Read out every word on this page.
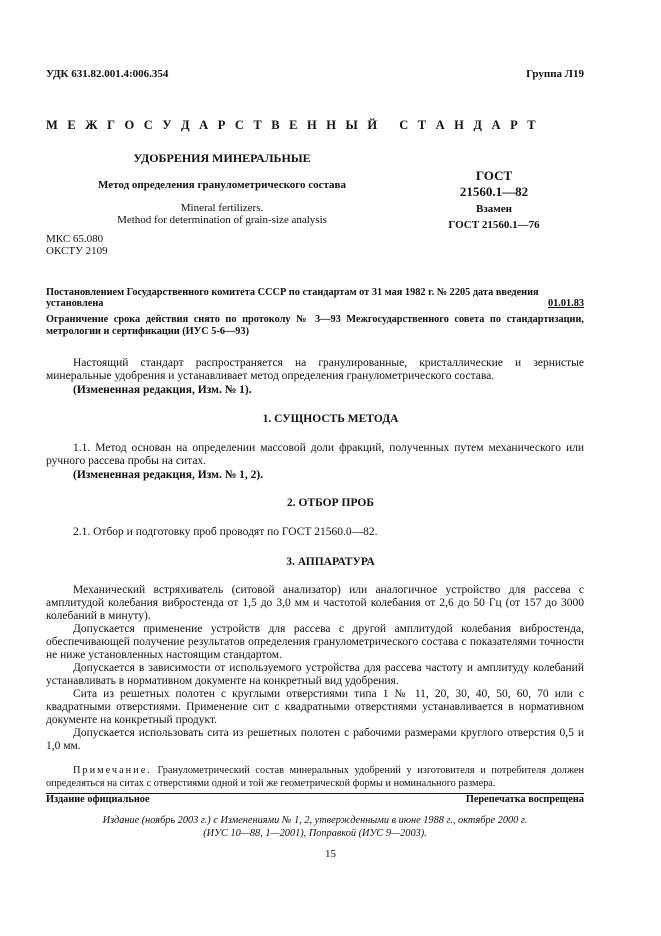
УДК 631.82.001.4:006.354	Группа Л19
М Е Ж Г О С У Д А Р С Т В Е Н Н Ы Й   С Т А Н Д А Р Т
УДОБРЕНИЯ МИНЕРАЛЬНЫЕ
Метод определения гранулометрического состава
Mineral fertilizers.
Method for determination of grain-size analysis
МКС 65.080
ОКСТУ 2109
ГОСТ
21560.1—82
Взамен
ГОСТ 21560.1—76
Постановлением Государственного комитета СССР по стандартам от 31 мая 1982 г. № 2205 дата введения
установлена	01.01.83
Ограничение срока действия снято по протоколу № 3—93 Межгосударственного совета по стандартизации, метрологии и сертификации (ИУС 5-6—93)

Настоящий стандарт распространяется на гранулированные, кристаллические и зернистые минеральные удобрения и устанавливает метод определения гранулометрического состава.

(Измененная редакция, Изм. № 1).

1. СУЩНОСТЬ МЕТОДА

1.1. Метод основан на определении массовой доли фракций, полученных путем механического или ручного рассева пробы на ситах.

(Измененная редакция, Изм. № 1, 2).

2. ОТБОР ПРОБ

2.1. Отбор и подготовку проб проводят по ГОСТ 21560.0—82.

3. АППАРАТУРА

Механический встряхиватель (ситовой анализатор) или аналогичное устройство для рассева с амплитудой колебания вибростенда от 1,5 до 3,0 мм и частотой колебания от 2,6 до 50 Гц (от 157 до 3000 колебаний в минуту).

Допускается применение устройств для рассева с другой амплитудой колебания вибростенда, обеспечивающей получение результатов определения гранулометрического состава с показателями точности не ниже установленных настоящим стандартом.

Допускается в зависимости от используемого устройства для рассева частоту и амплитуду колебаний устанавливать в нормативном документе на конкретный вид удобрения.

Сита из решетных полотен с круглыми отверстиями типа 1 № 11, 20, 30, 40, 50, 60, 70 или с квадратными отверстиями. Применение сит с квадратными отверстиями устанавливается в нормативном документе на конкретный продукт.

Допускается использовать сита из решетных полотен с рабочими размерами круглого отверстия 0,5 и 1,0 мм.

Примечание. Гранулометрический состав минеральных удобрений у изготовителя и потребителя должен определяться на ситах с отверстиями одной и той же геометрической формы и номинального размера.

Издание официальное	Перепечатка воспрещена
Издание (ноябрь 2003 г.) с Изменениями № 1, 2, утвержденными в июне 1988 г., октябре 2000 г.
(ИУС 10—88, 1—2001), Поправкой (ИУС 9—2003).
15
